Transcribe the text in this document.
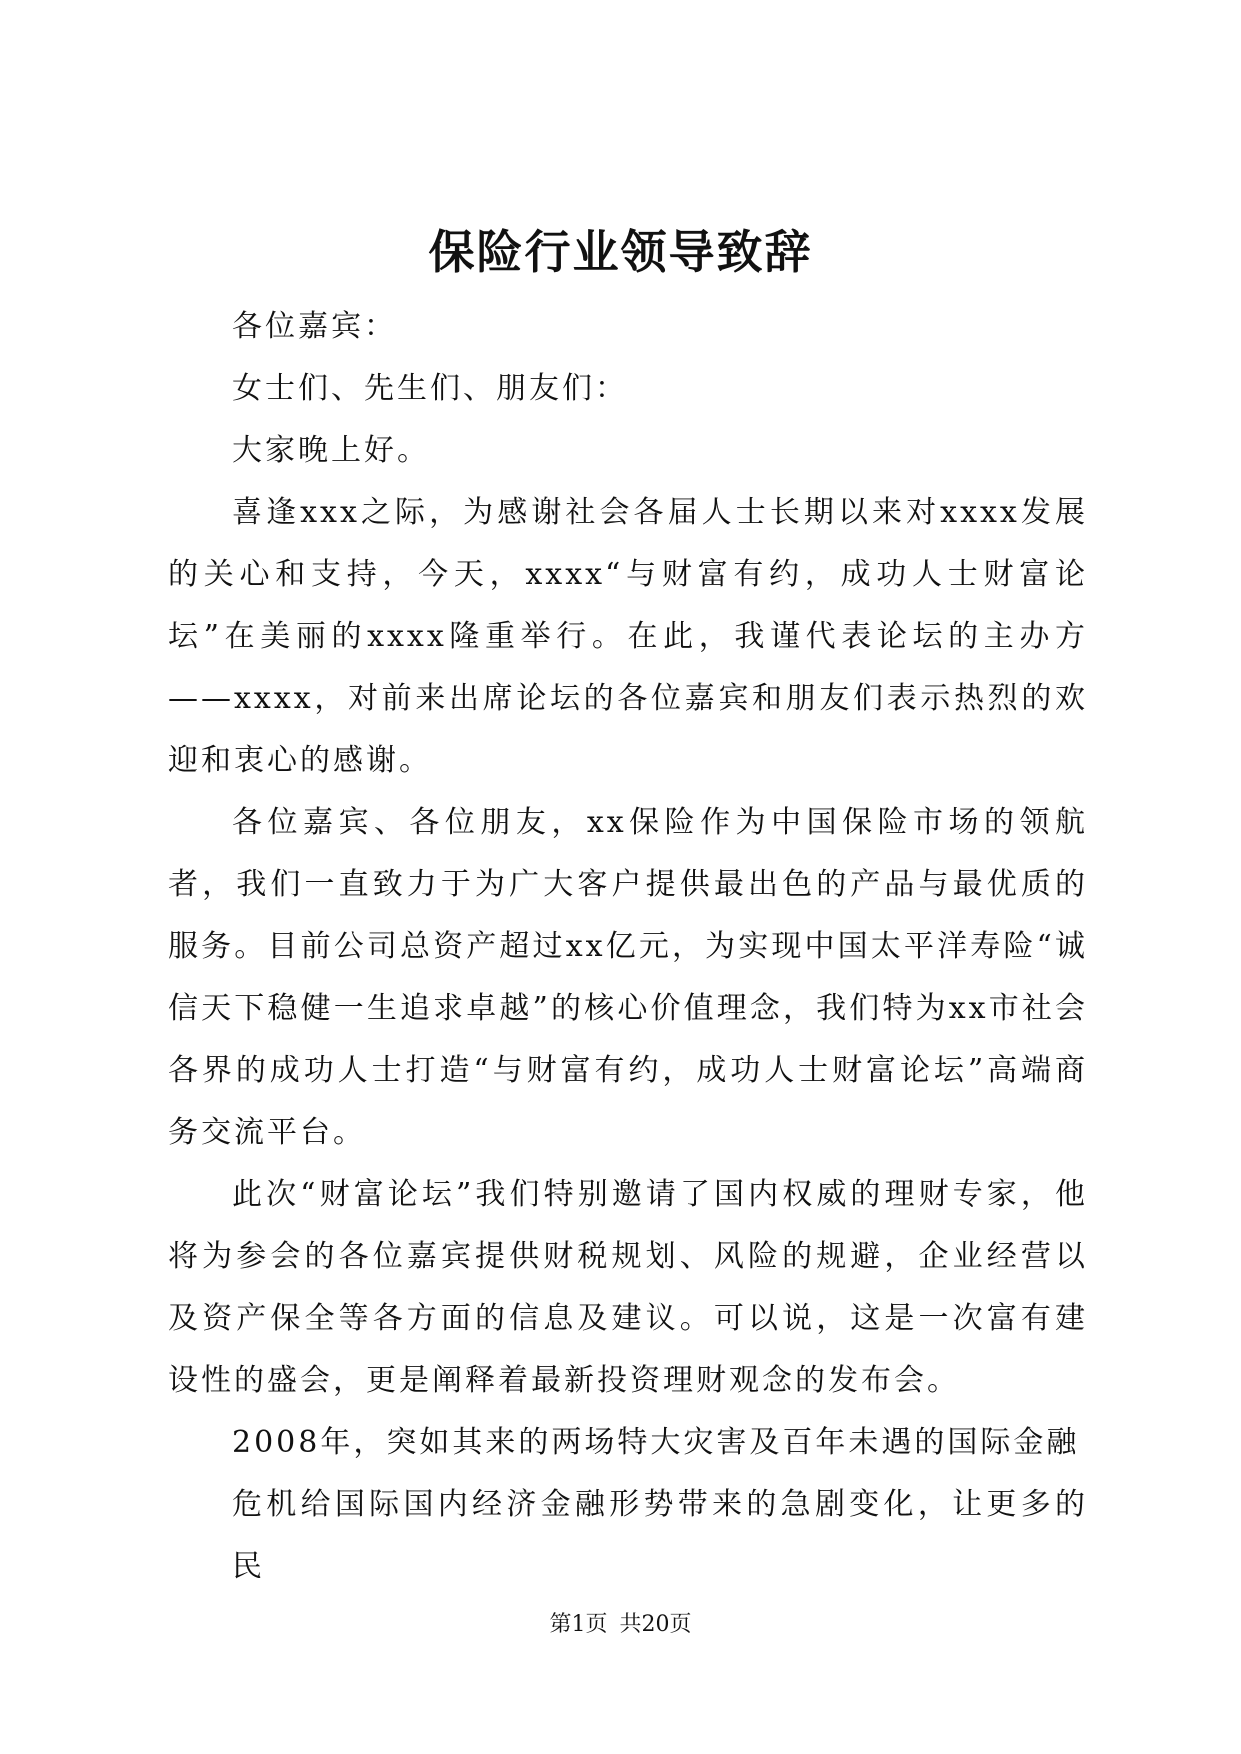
保险行业领导致辞

各位嘉宾：

女士们、先生们、朋友们：

大家晚上好。

喜逢xxx之际，为感谢社会各届人士长期以来对xxxx发展的关心和支持，今天，xxxx“与财富有约，成功人士财富论坛”在美丽的xxxx隆重举行。在此，我谨代表论坛的主办方——xxxx，对前来出席论坛的各位嘉宾和朋友们表示热烈的欢迎和衷心的感谢。

各位嘉宾、各位朋友，xx保险作为中国保险市场的领航者，我们一直致力于为广大客户提供最出色的产品与最优质的服务。目前公司总资产超过xx亿元，为实现中国太平洋寿险“诚信天下稳健一生追求卓越”的核心价值理念，我们特为xx市社会各界的成功人士打造“与财富有约，成功人士财富论坛”高端商务交流平台。

此次“财富论坛”我们特别邀请了国内权威的理财专家，他将为参会的各位嘉宾提供财税规划、风险的规避，企业经营以及资产保全等各方面的信息及建议。可以说，这是一次富有建设性的盛会，更是阐释着最新投资理财观念的发布会。

2008年，突如其来的两场特大灾害及百年未遇的国际金融

危机给国际国内经济金融形势带来的急剧变化，让更多的民

第1页 共20页
